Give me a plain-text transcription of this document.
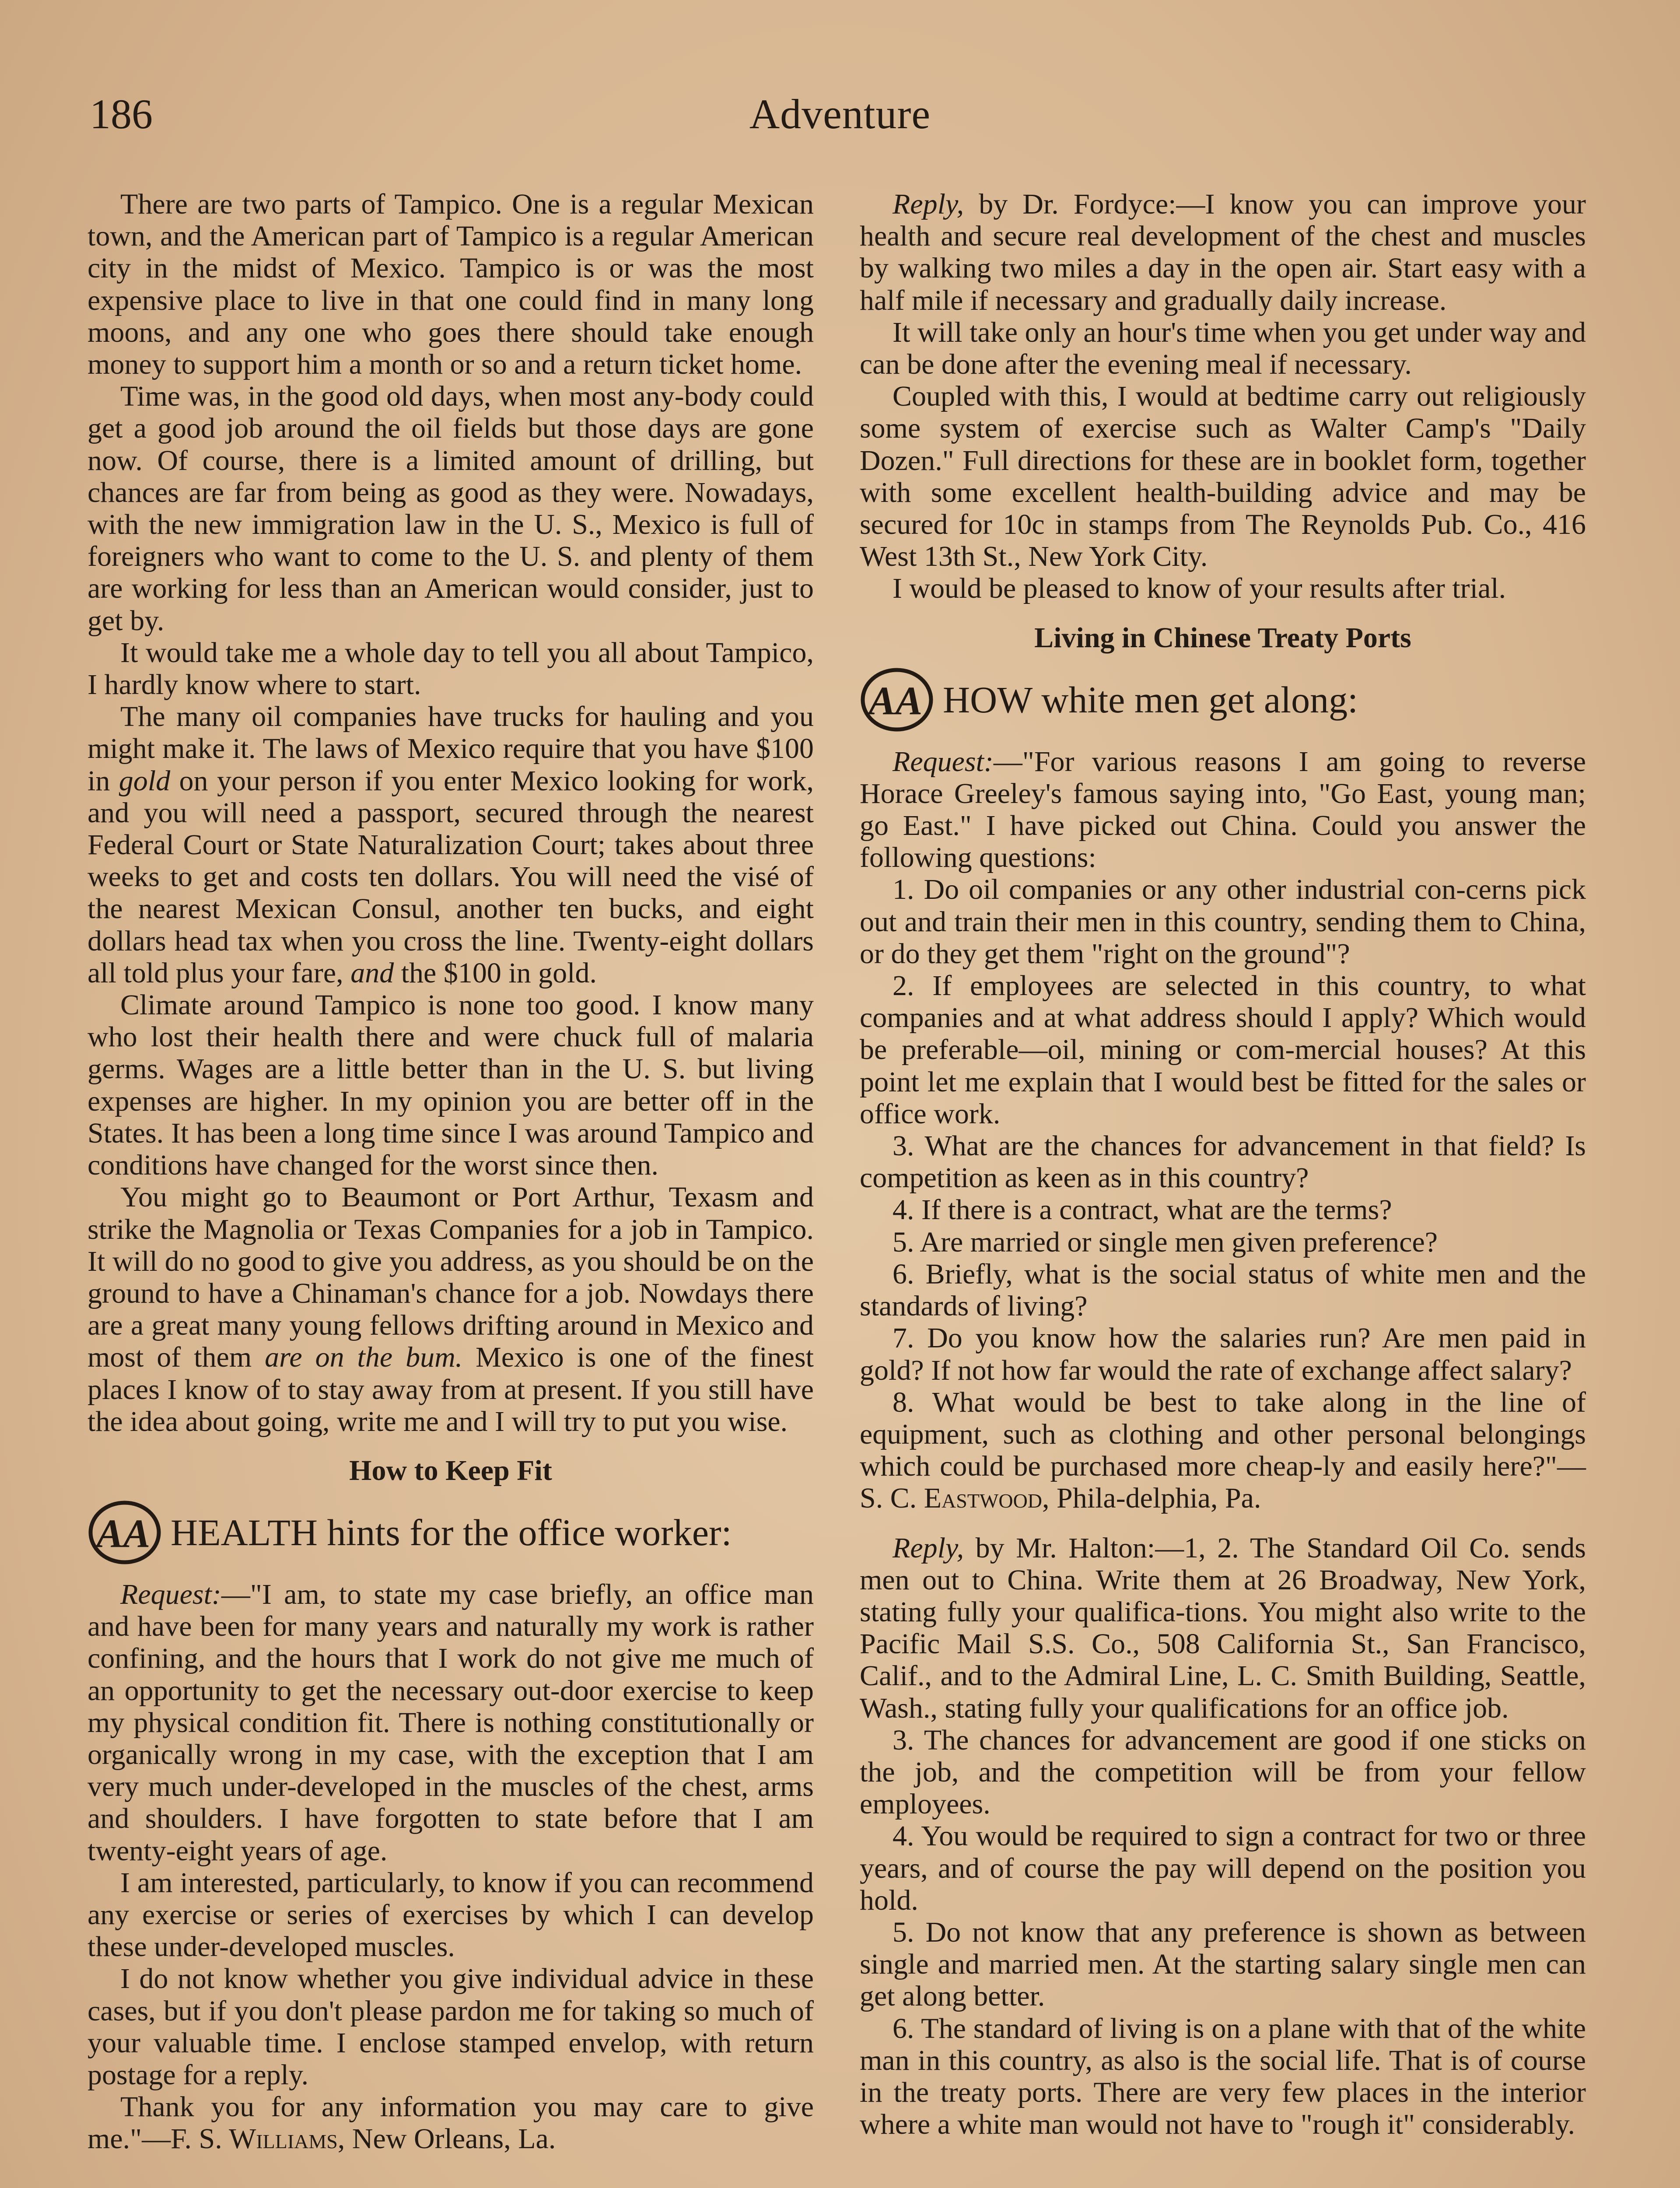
186	Adventure

There are two parts of Tampico. One is a regular Mexican town, and the American part of Tampico is a regular American city in the midst of Mexico. Tampico is or was the most expensive place to live in that one could find in many long moons, and any one who goes there should take enough money to support him a month or so and a return ticket home.

Time was, in the good old days, when most any-body could get a good job around the oil fields but those days are gone now. Of course, there is a limited amount of drilling, but chances are far from being as good as they were. Nowadays, with the new immigration law in the U. S., Mexico is full of foreigners who want to come to the U. S. and plenty of them are working for less than an American would consider, just to get by.

It would take me a whole day to tell you all about Tampico, I hardly know where to start.

The many oil companies have trucks for hauling and you might make it. The laws of Mexico require that you have $100 in gold on your person if you enter Mexico looking for work, and you will need a passport, secured through the nearest Federal Court or State Naturalization Court; takes about three weeks to get and costs ten dollars. You will need the visé of the nearest Mexican Consul, another ten bucks, and eight dollars head tax when you cross the line. Twenty-eight dollars all told plus your fare, and the $100 in gold.

Climate around Tampico is none too good. I know many who lost their health there and were chuck full of malaria germs. Wages are a little better than in the U. S. but living expenses are higher. In my opinion you are better off in the States. It has been a long time since I was around Tampico and conditions have changed for the worst since then.

You might go to Beaumont or Port Arthur, Texasm and strike the Magnolia or Texas Companies for a job in Tampico. It will do no good to give you address, as you should be on the ground to have a Chinaman's chance for a job. Nowdays there are a great many young fellows drifting around in Mexico and most of them are on the bum. Mexico is one of the finest places I know of to stay away from at present. If you still have the idea about going, write me and I will try to put you wise.

How to Keep Fit
AA HEALTH hints for the office worker:

Request:—"I am, to state my case briefly, an office man and have been for many years and naturally my work is rather confining, and the hours that I work do not give me much of an opportunity to get the necessary out-door exercise to keep my physical condition fit. There is nothing constitutionally or organically wrong in my case, with the exception that I am very much under-developed in the muscles of the chest, arms and shoulders. I have forgotten to state before that I am twenty-eight years of age.

I am interested, particularly, to know if you can recommend any exercise or series of exercises by which I can develop these under-developed muscles.

I do not know whether you give individual advice in these cases, but if you don't please pardon me for taking so much of your valuable time. I enclose stamped envelop, with return postage for a reply.

Thank you for any information you may care to give me."—F. S. Williams, New Orleans, La.

Reply, by Dr. Fordyce:—I know you can improve your health and secure real development of the chest and muscles by walking two miles a day in the open air. Start easy with a half mile if necessary and gradually daily increase.

It will take only an hour's time when you get under way and can be done after the evening meal if necessary.

Coupled with this, I would at bedtime carry out religiously some system of exercise such as Walter Camp's "Daily Dozen." Full directions for these are in booklet form, together with some excellent health-building advice and may be secured for 10c in stamps from The Reynolds Pub. Co., 416 West 13th St., New York City.

I would be pleased to know of your results after trial.

Living in Chinese Treaty Ports
AA HOW white men get along:

Request:—"For various reasons I am going to reverse Horace Greeley's famous saying into, "Go East, young man; go East." I have picked out China. Could you answer the following questions:

1. Do oil companies or any other industrial con-cerns pick out and train their men in this country, sending them to China, or do they get them "right on the ground"?

2. If employees are selected in this country, to what companies and at what address should I apply? Which would be preferable—oil, mining or com-mercial houses? At this point let me explain that I would best be fitted for the sales or office work.

3. What are the chances for advancement in that field? Is competition as keen as in this country?

4. If there is a contract, what are the terms?

5. Are married or single men given preference?

6. Briefly, what is the social status of white men and the standards of living?

7. Do you know how the salaries run? Are men paid in gold? If not how far would the rate of exchange affect salary?

8. What would be best to take along in the line of equipment, such as clothing and other personal belongings which could be purchased more cheap-ly and easily here?"—S. C. Eastwood, Phila-delphia, Pa.

Reply, by Mr. Halton:—1, 2. The Standard Oil Co. sends men out to China. Write them at 26 Broadway, New York, stating fully your qualifica-tions. You might also write to the Pacific Mail S.S. Co., 508 California St., San Francisco, Calif., and to the Admiral Line, L. C. Smith Building, Seattle, Wash., stating fully your qualifications for an office job.

3. The chances for advancement are good if one sticks on the job, and the competition will be from your fellow employees.

4. You would be required to sign a contract for two or three years, and of course the pay will depend on the position you hold.

5. Do not know that any preference is shown as between single and married men. At the starting salary single men can get along better.

6. The standard of living is on a plane with that of the white man in this country, as also is the social life. That is of course in the treaty ports. There are very few places in the interior where a white man would not have to "rough it" considerably.
